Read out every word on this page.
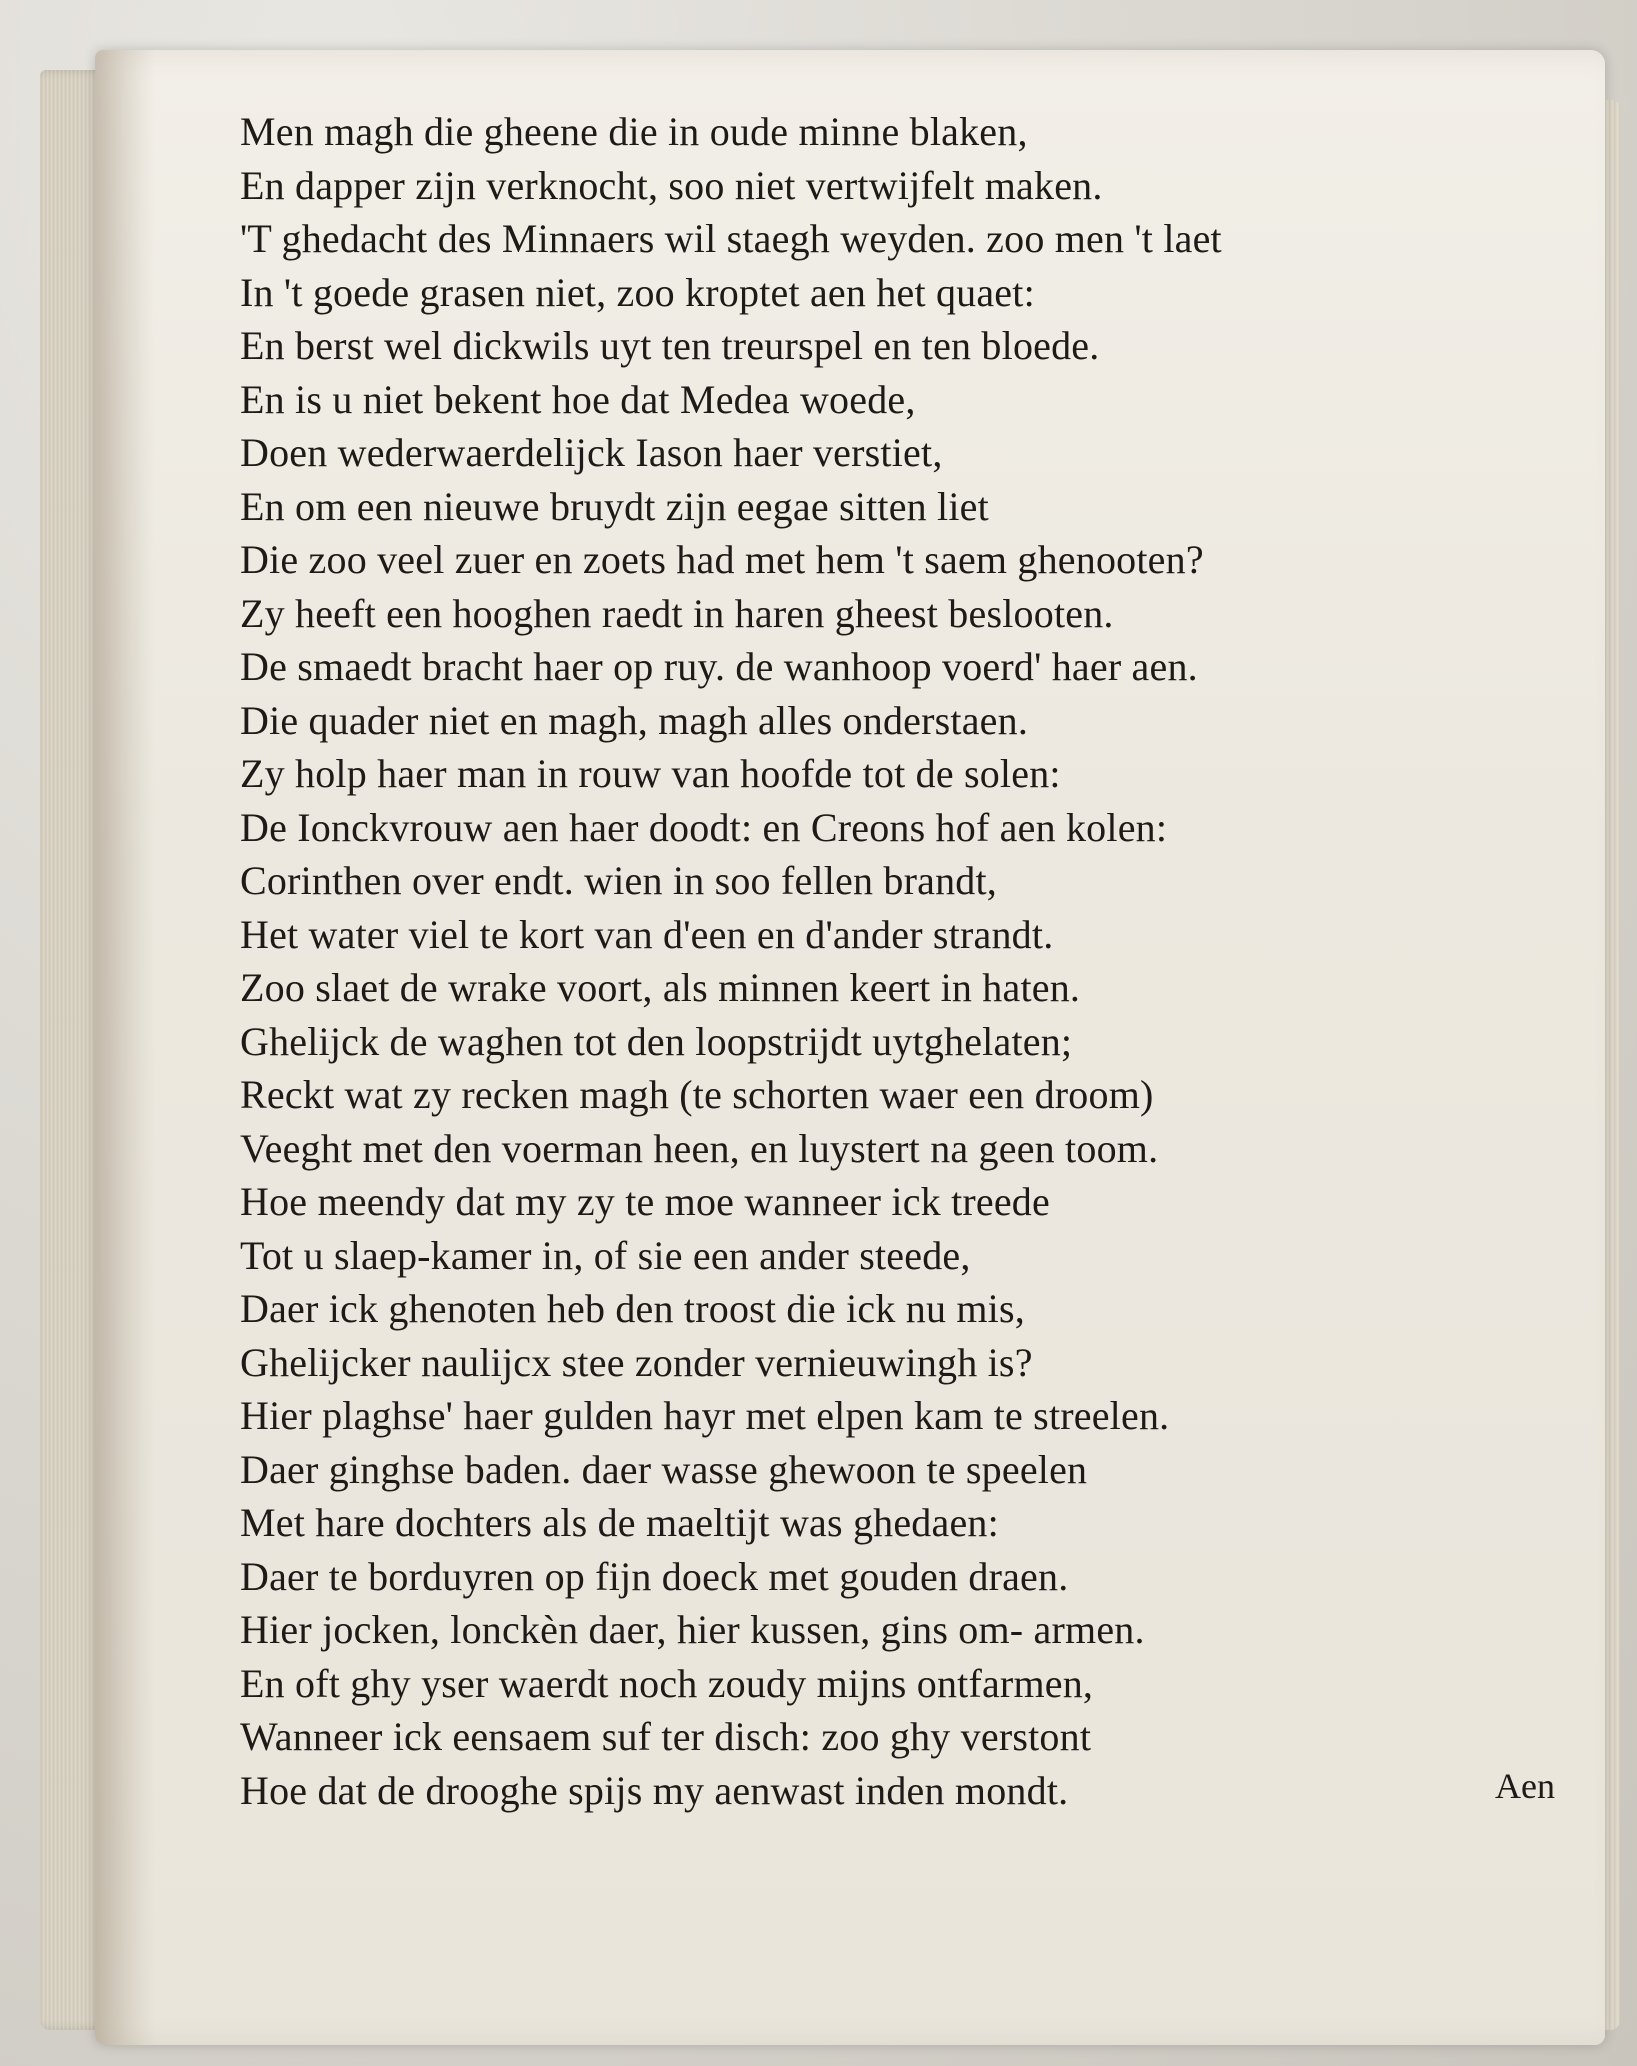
Men magh die gheene die in oude minne blaken,
En dapper zijn verknocht, soo niet vertwijfelt maken.
'T ghedacht des Minnaers wil staegh weyden. zoo men 't laet
In 't goede grasen niet, zoo kroptet aen het quaet:
En berst wel dickwils uyt ten treurspel en ten bloede.
En is u niet bekent hoe dat Medea woede,
Doen wederwaerdelijck Iason haer verstiet,
En om een nieuwe bruydt zijn eegae sitten liet
Die zoo veel zuer en zoets had met hem 't saem ghenooten?
Zy heeft een hooghen raedt in haren gheest beslooten.
De smaedt bracht haer op ruy. de wanhoop voerd' haer aen.
Die quader niet en magh, magh alles onderstaen.
Zy holp haer man in rouw van hoofde tot de solen:
De Ionckvrouw aen haer doodt: en Creons hof aen kolen:
Corinthen over endt. wien in soo fellen brandt,
Het water viel te kort van d'een en d'ander strandt.
Zoo slaet de wrake voort, als minnen keert in haten.
Ghelijck de waghen tot den loopstrijdt uytghelaten;
Reckt wat zy recken magh (te schorten waer een droom)
Veeght met den voerman heen, en luystert na geen toom.
Hoe meendy dat my zy te moe wanneer ick treede
Tot u slaep-kamer in, of sie een ander steede,
Daer ick ghenoten heb den troost die ick nu mis,
Ghelijcker naulijcx stee zonder vernieuwingh is?
Hier plaghse' haer gulden hayr met elpen kam te streelen.
Daer ginghse baden. daer wasse ghewoon te speelen
Met hare dochters als de maeltijt was ghedaen:
Daer te borduyren op fijn doeck met gouden draen.
Hier jocken, lonckèn daer, hier kussen, gins om- armen.
En oft ghy yser waerdt noch zoudy mijns ontfarmen,
Wanneer ick eensaem suf ter disch: zoo ghy verstont
Hoe dat de drooghe spijs my aenwast inden mondt.	Aen
